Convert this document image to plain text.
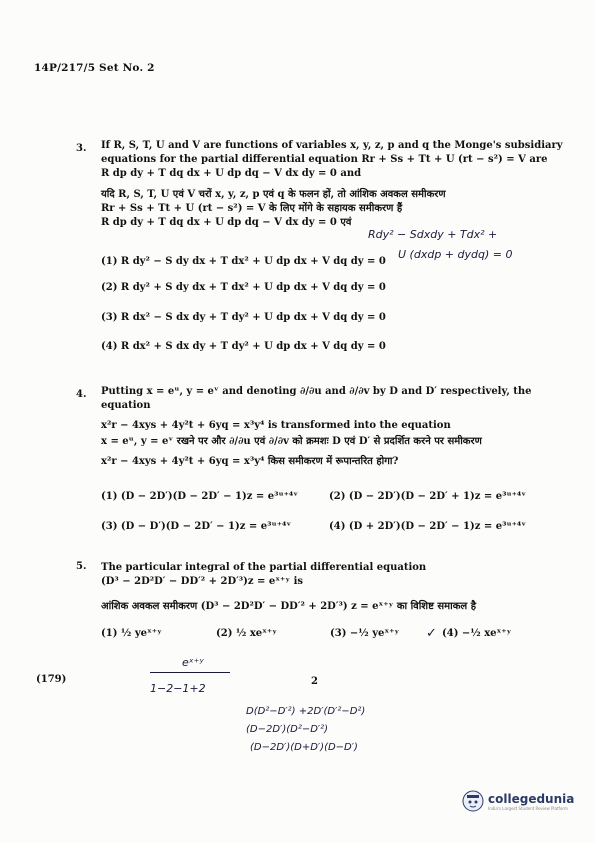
14P/217/5 Set No. 2
3. If R, S, T, U and V are functions of variables x, y, z, p and q the Monge's subsidiary
equations for the partial differential equation Rr + Ss + Tt + U (rt − s²) = V are
R dp dy + T dq dx + U dp dq − V dx dy = 0 and
यदि R, S, T, U एवं V चरों x, y, z, p एवं q के फलन हों, तो आंशिक अवकल समीकरण
Rr + Ss + Tt + U (rt − s²) = V के लिए मोंगे के सहायक समीकरण हैं
R dp dy + T dq dx + U dp dq − V dx dy = 0 एवं
(1) R dy² − S dy dx + T dx² + U dp dx + V dq dy = 0
(2) R dy² + S dy dx + T dx² + U dp dx + V dq dy = 0
(3) R dx² − S dx dy + T dy² + U dp dx + V dq dy = 0
(4) R dx² + S dx dy + T dy² + U dp dx + V dq dy = 0
Rdy² − Sdxdy + Tdx² +
U (dxdp + dydq) = 0
4. Putting x = eᵘ, y = eᵛ and denoting ∂/∂u and ∂/∂v by D and D′ respectively, the equation
x²r − 4xys + 4y²t + 6yq = x³y⁴ is transformed into the equation
x = eᵘ, y = eᵛ रखने पर और ∂/∂u एवं ∂/∂v को क्रमशः D एवं D′ से प्रदर्शित करने पर समीकरण
x²r − 4xys + 4y²t + 6yq = x³y⁴ किस समीकरण में रूपान्तरित होगा?
(1) (D − 2D′)(D − 2D′ − 1)z = e³ᵘ⁺⁴ᵛ	(2) (D − 2D′)(D − 2D′ + 1)z = e³ᵘ⁺⁴ᵛ
(3) (D − D′)(D − 2D′ − 1)z = e³ᵘ⁺⁴ᵛ	(4) (D + 2D′)(D − 2D′ − 1)z = e³ᵘ⁺⁴ᵛ
5. The particular integral of the partial differential equation
(D³ − 2D²D′ − DD′² + 2D′³)z = eˣ⁺ʸ is
आंशिक अवकल समीकरण (D³ − 2D²D′ − DD′² + 2D′³) z = eˣ⁺ʸ का विशिष्ट समाकल है
(1) ½ yeˣ⁺ʸ	(2) ½ xeˣ⁺ʸ	(3) −½ yeˣ⁺ʸ	(4) −½ xeˣ⁺ʸ
✓
(179)	2
eˣ⁺ʸ
1−2−1+2
D(D²−D′²) +2D′(D′²−D²)
(D−2D′)(D²−D′²)
(D−2D′)(D+D′)(D−D′)
collegedunia
India's Largest Student Review Platform
